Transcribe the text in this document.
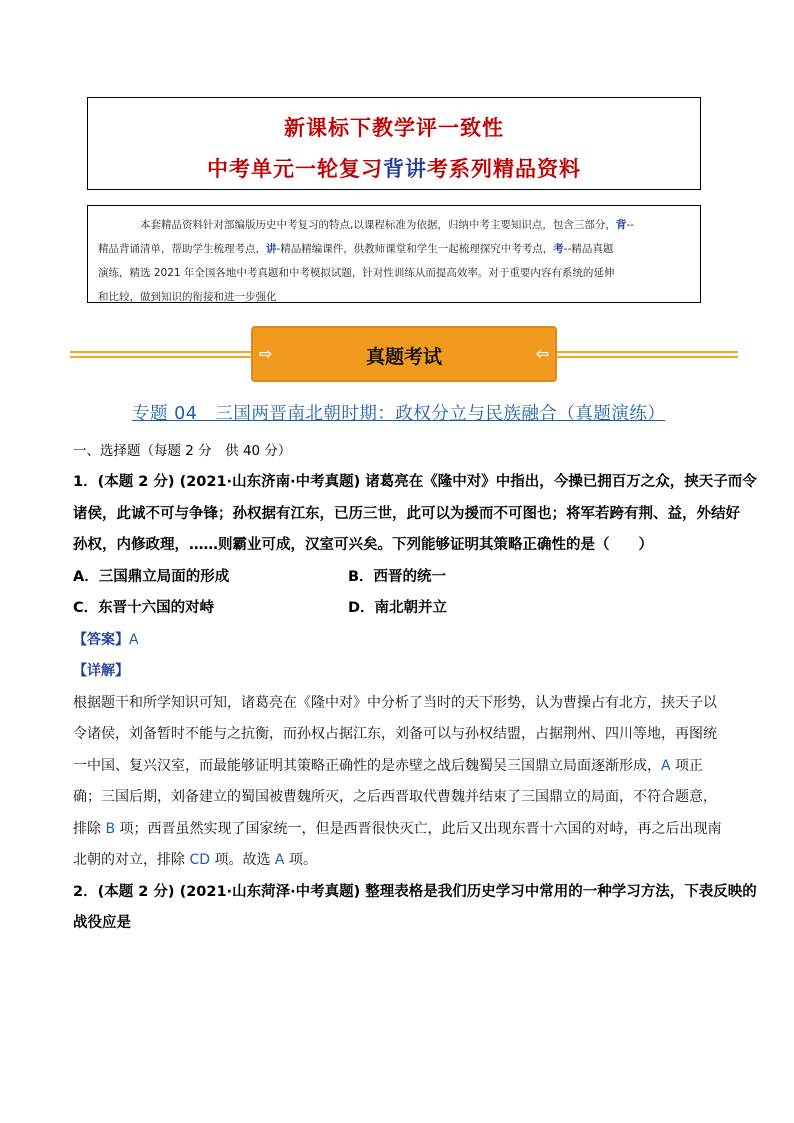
新课标下教学评一致性
中考单元一轮复习背讲考系列精品资料
本套精品资料针对部编版历史中考复习的特点,以课程标准为依据，归纳中考主要知识点，包含三部分，背--
精品背诵清单，帮助学生梳理考点，讲-精品精编课件，供教师课堂和学生一起梳理探究中考考点，考--精品真题
演练，精选 2021 年全国各地中考真题和中考模拟试题，针对性训练从而提高效率。对于重要内容有系统的延伸
和比较，做到知识的衔接和进一步强化
⇨	真题考试	⇦
专题 04　三国两晋南北朝时期：政权分立与民族融合（真题演练）
一、选择题（每题 2 分　供 40 分）
1．(本题 2 分) (2021·山东济南·中考真题) 诸葛亮在《隆中对》中指出，今操已拥百万之众，挟天子而令
诸侯，此诚不可与争锋；孙权据有江东，已历三世，此可以为援而不可图也；将军若跨有荆、益，外结好
孙权，内修政理，……则霸业可成，汉室可兴矣。下列能够证明其策略正确性的是（　　）
A．三国鼎立局面的形成	B．西晋的统一
C．东晋十六国的对峙	D．南北朝并立
【答案】A
【详解】
根据题干和所学知识可知，诸葛亮在《隆中对》中分析了当时的天下形势，认为曹操占有北方，挟天子以
令诸侯，刘备暂时不能与之抗衡，而孙权占据江东，刘备可以与孙权结盟，占据荆州、四川等地，再图统
一中国、复兴汉室，而最能够证明其策略正确性的是赤壁之战后魏蜀吴三国鼎立局面逐渐形成，A 项正
确；三国后期，刘备建立的蜀国被曹魏所灭，之后西晋取代曹魏并结束了三国鼎立的局面，不符合题意，
排除 B 项；西晋虽然实现了国家统一，但是西晋很快灭亡，此后又出现东晋十六国的对峙，再之后出现南
北朝的对立，排除 CD 项。故选 A 项。
2．(本题 2 分) (2021·山东菏泽·中考真题) 整理表格是我们历史学习中常用的一种学习方法，下表反映的
战役应是
